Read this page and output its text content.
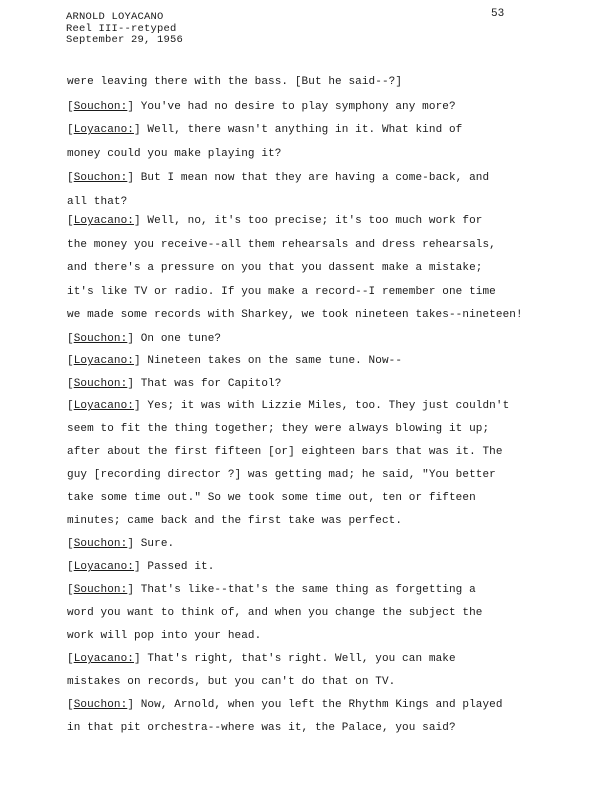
ARNOLD LOYACANO
Reel III--retyped
September 29, 1956
53
were leaving there with the bass. [But he said--?]
[Souchon:] You've had no desire to play symphony any more?
[Loyacano:] Well, there wasn't anything in it. What kind of
money could you make playing it?
[Souchon:] But I mean now that they are having a come-back, and
all that?
[Loyacano:] Well, no, it's too precise; it's too much work for
the money you receive--all them rehearsals and dress rehearsals,
and there's a pressure on you that you dassent make a mistake;
it's like TV or radio. If you make a record--I remember one time
we made some records with Sharkey, we took nineteen takes--nineteen!
[Souchon:] On one tune?
[Loyacano:] Nineteen takes on the same tune. Now--
[Souchon:] That was for Capitol?
[Loyacano:] Yes; it was with Lizzie Miles, too. They just couldn't
seem to fit the thing together; they were always blowing it up;
after about the first fifteen [or] eighteen bars that was it. The
guy [recording director ?] was getting mad; he said, "You better
take some time out." So we took some time out, ten or fifteen
minutes; came back and the first take was perfect.
[Souchon:] Sure.
[Loyacano:] Passed it.
[Souchon:] That's like--that's the same thing as forgetting a
word you want to think of, and when you change the subject the
work will pop into your head.
[Loyacano:] That's right, that's right. Well, you can make
mistakes on records, but you can't do that on TV.
[Souchon:] Now, Arnold, when you left the Rhythm Kings and played
in that pit orchestra--where was it, the Palace, you said?
